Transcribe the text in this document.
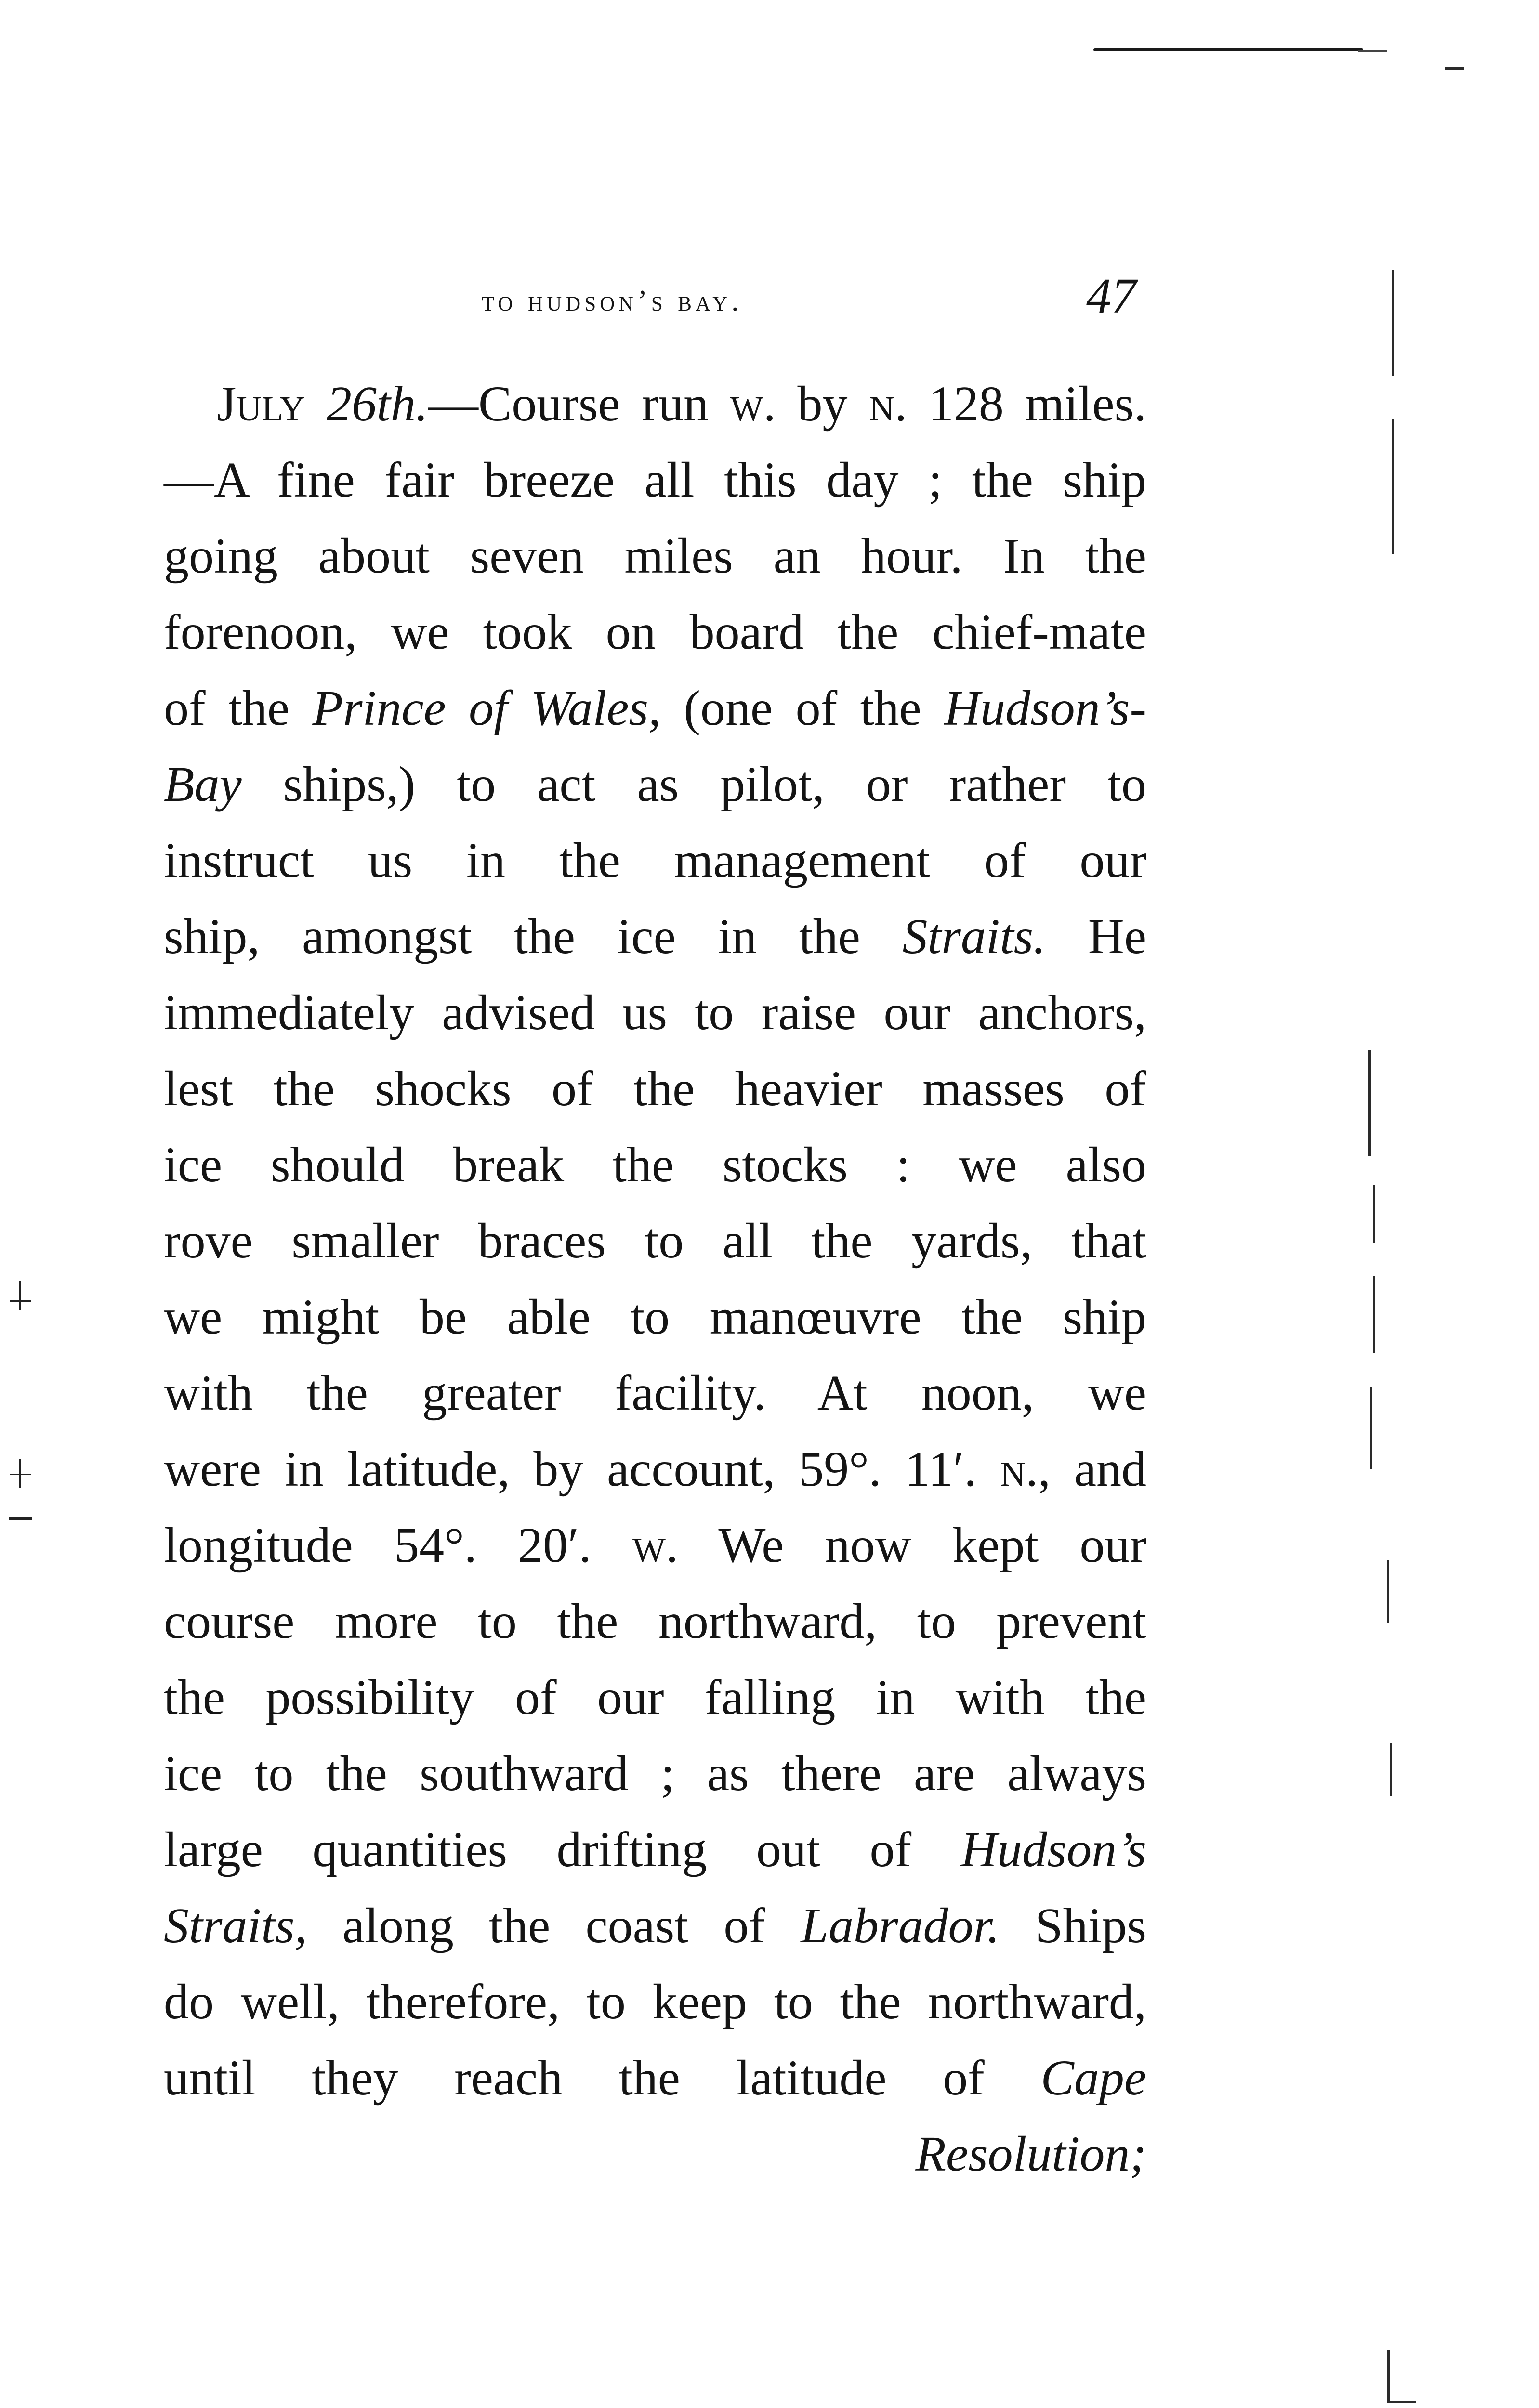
to hudson’s bay.	47
July 26th.—Course run w. by n. 128 miles.
—A fine fair breeze all this day ; the ship
going about seven miles an hour. In the
forenoon, we took on board the chief-mate
of the Prince of Wales, (one of the Hudson’s-
Bay ships,) to act as pilot, or rather to
instruct us in the management of our
ship, amongst the ice in the Straits. He
immediately advised us to raise our anchors,
lest the shocks of the heavier masses of
ice should break the stocks : we also
rove smaller braces to all the yards, that
we might be able to manœuvre the ship
with the greater facility. At noon, we
were in latitude, by account, 59°. 11′. n., and
longitude 54°. 20′. w. We now kept our
course more to the northward, to prevent
the possibility of our falling in with the
ice to the southward ; as there are always
large quantities drifting out of Hudson’s
Straits, along the coast of Labrador. Ships
do well, therefore, to keep to the northward,
until they reach the latitude of Cape
Resolution;
